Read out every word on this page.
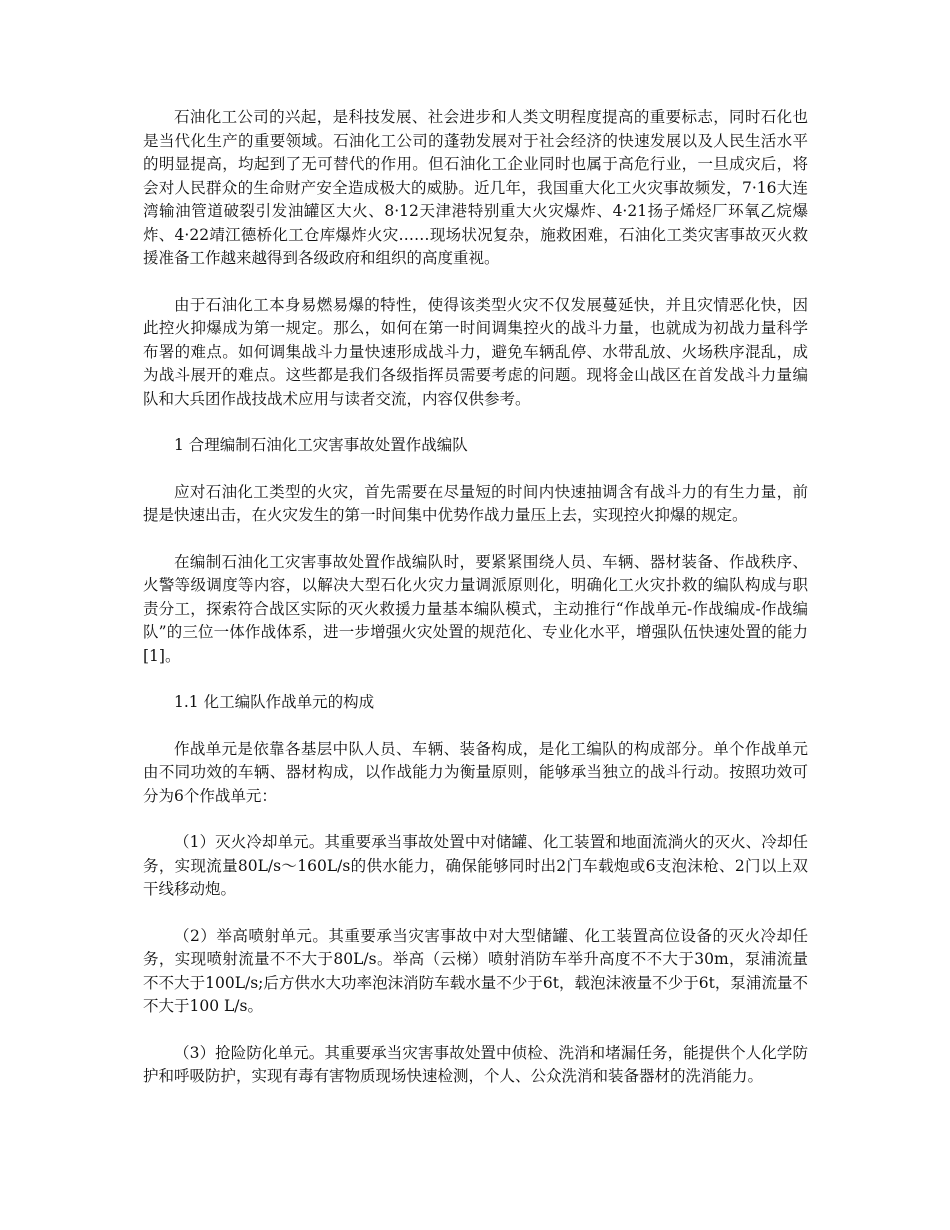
石油化工公司的兴起，是科技发展、社会进步和人类文明程度提高的重要标志，同时石化也是当代化生产的重要领域。石油化工公司的蓬勃发展对于社会经济的快速发展以及人民生活水平的明显提高，均起到了无可替代的作用。但石油化工企业同时也属于高危行业，一旦成灾后，将会对人民群众的生命财产安全造成极大的威胁。近几年，我国重大化工火灾事故频发，7·16大连湾输油管道破裂引发油罐区大火、8·12天津港特别重大火灾爆炸、4·21扬子烯烃厂环氧乙烷爆炸、4·22靖江德桥化工仓库爆炸火灾……现场状况复杂，施救困难，石油化工类灾害事故灭火救援准备工作越来越得到各级政府和组织的高度重视。

由于石油化工本身易燃易爆的特性，使得该类型火灾不仅发展蔓延快，并且灾情恶化快，因此控火抑爆成为第一规定。那么，如何在第一时间调集控火的战斗力量，也就成为初战力量科学布署的难点。如何调集战斗力量快速形成战斗力，避免车辆乱停、水带乱放、火场秩序混乱，成为战斗展开的难点。这些都是我们各级指挥员需要考虑的问题。现将金山战区在首发战斗力量编队和大兵团作战技战术应用与读者交流，内容仅供参考。

1 合理编制石油化工灾害事故处置作战编队

应对石油化工类型的火灾，首先需要在尽量短的时间内快速抽调含有战斗力的有生力量，前提是快速出击，在火灾发生的第一时间集中优势作战力量压上去，实现控火抑爆的规定。

在编制石油化工灾害事故处置作战编队时，要紧紧围绕人员、车辆、器材装备、作战秩序、火警等级调度等内容，以解决大型石化火灾力量调派原则化，明确化工火灾扑救的编队构成与职责分工，探索符合战区实际的灭火救援力量基本编队模式，主动推行“作战单元-作战编成-作战编队”的三位一体作战体系，进一步增强火灾处置的规范化、专业化水平，增强队伍快速处置的能力[1]。

1.1 化工编队作战单元的构成

作战单元是依靠各基层中队人员、车辆、装备构成，是化工编队的构成部分。单个作战单元由不同功效的车辆、器材构成，以作战能力为衡量原则，能够承当独立的战斗行动。按照功效可分为6个作战单元：

（1）灭火冷却单元。其重要承当事故处置中对储罐、化工装置和地面流淌火的灭火、冷却任务，实现流量80L/s～160L/s的供水能力，确保能够同时出2门车载炮或6支泡沫枪、2门以上双干线移动炮。

（2）举高喷射单元。其重要承当灾害事故中对大型储罐、化工装置高位设备的灭火冷却任务，实现喷射流量不不大于80L/s。举高（云梯）喷射消防车举升高度不不大于30m，泵浦流量不不大于100L/s;后方供水大功率泡沫消防车载水量不少于6t，载泡沫液量不少于6t，泵浦流量不不大于100 L/s。

（3）抢险防化单元。其重要承当灾害事故处置中侦检、洗消和堵漏任务，能提供个人化学防护和呼吸防护，实现有毒有害物质现场快速检测，个人、公众洗消和装备器材的洗消能力。
